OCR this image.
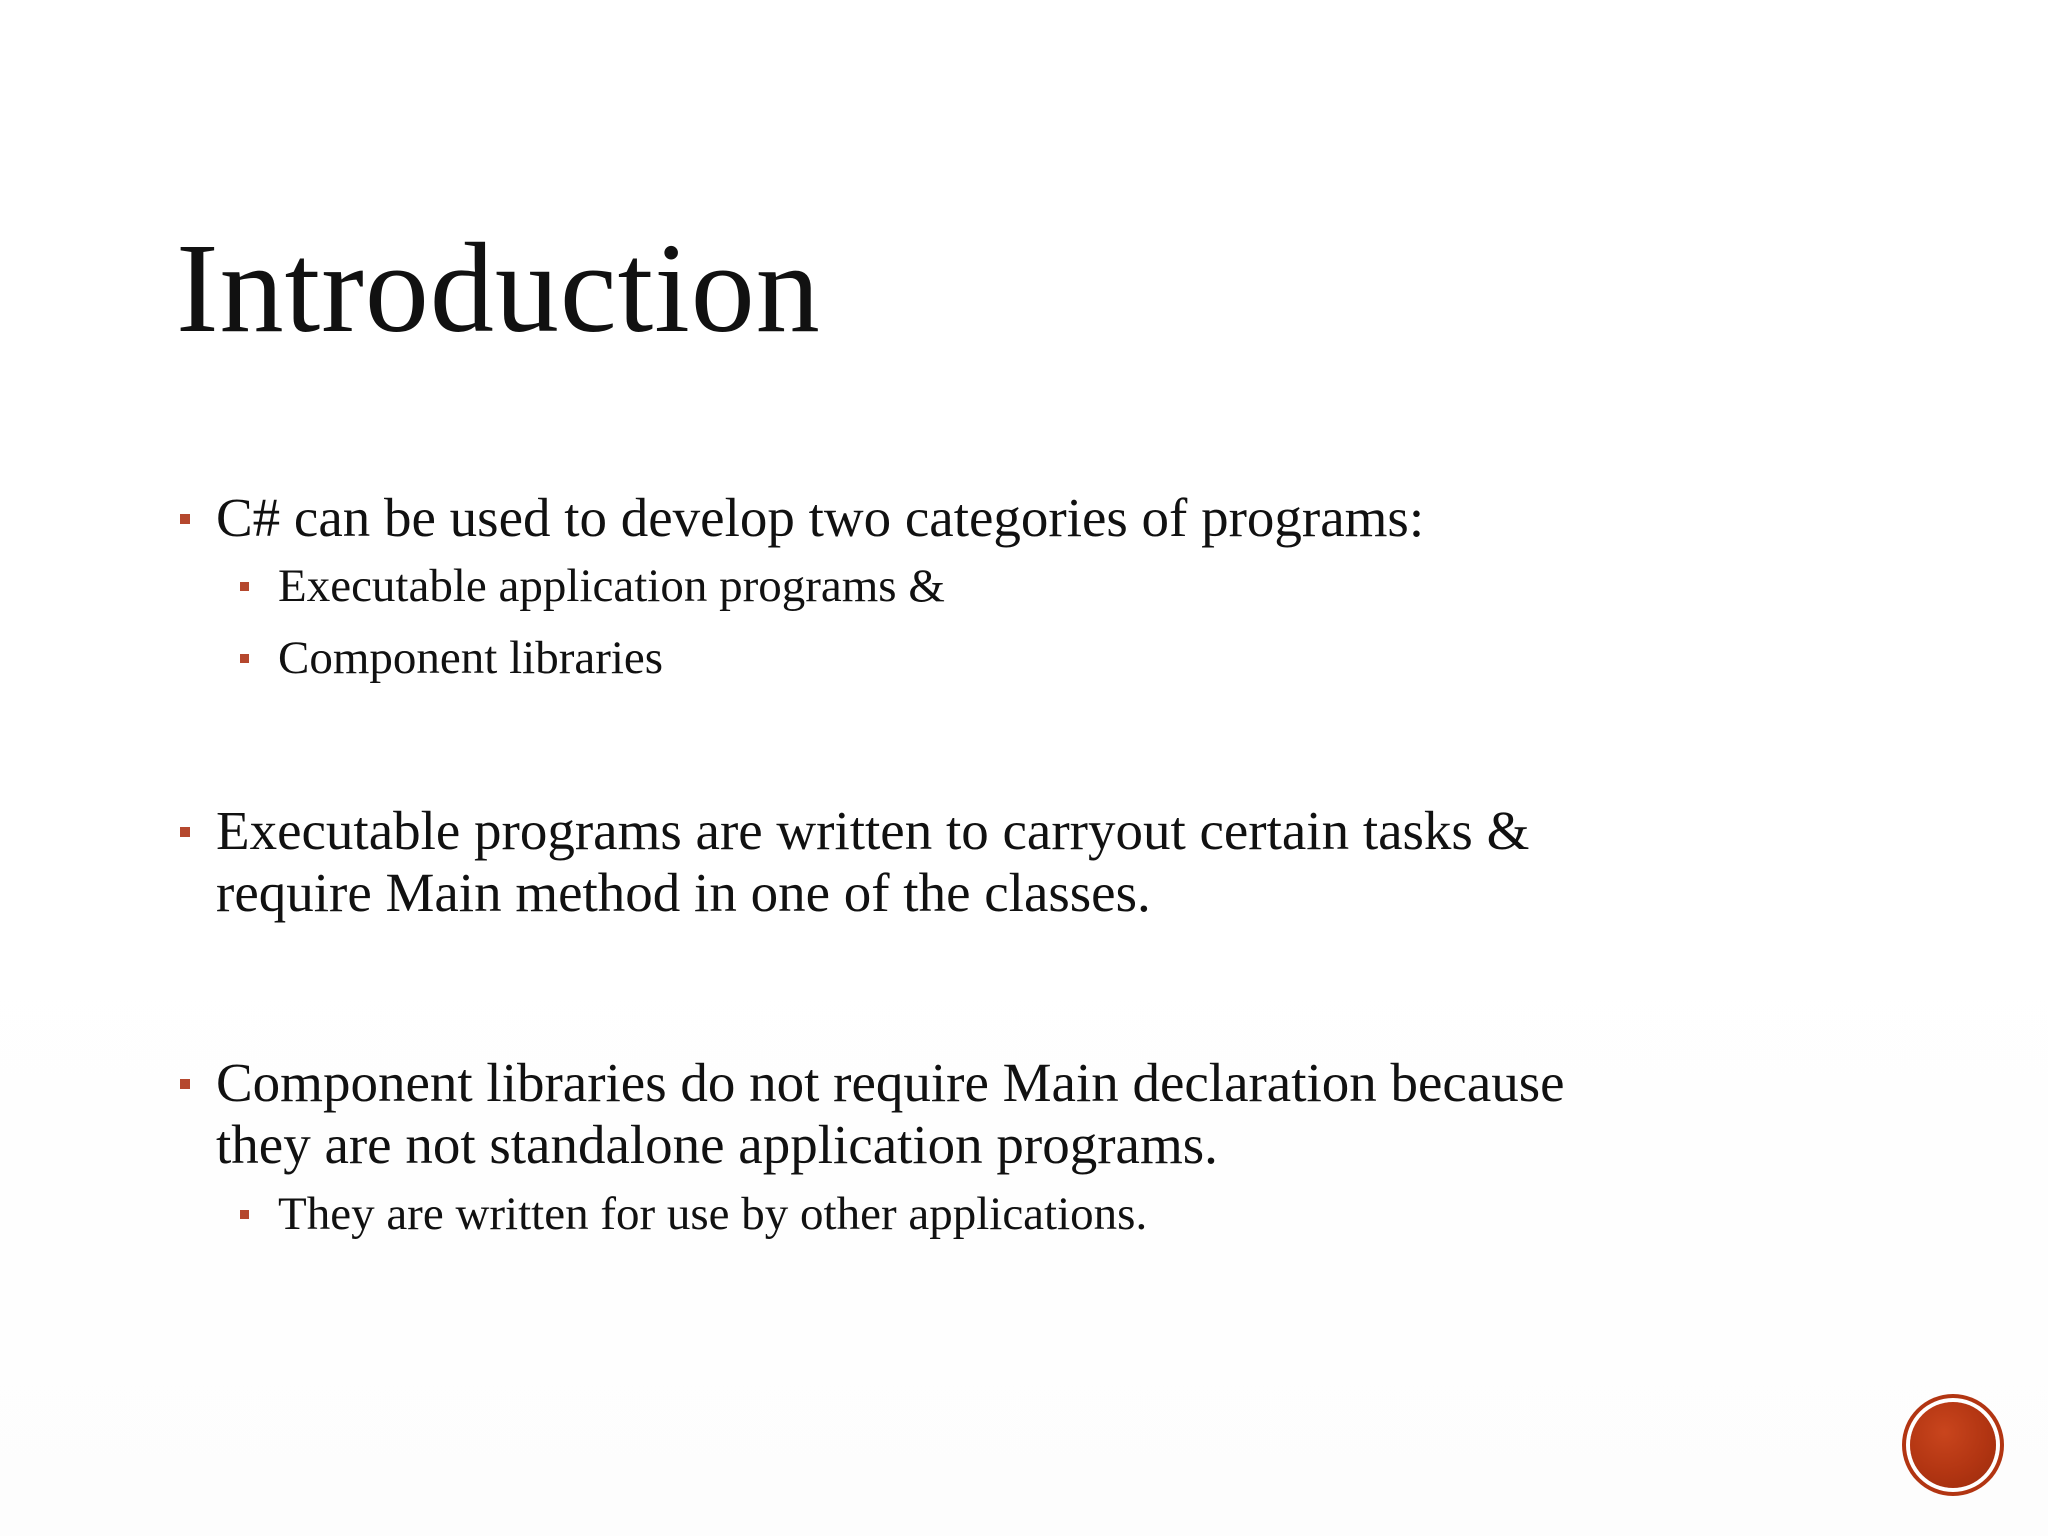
Introduction
C# can be used to develop two categories of programs:
Executable application programs &
Component libraries
Executable programs are written to carryout certain tasks &
require Main method in one of the classes.
Component libraries do not require Main declaration because
they are not standalone application programs.
They are written for use by other applications.
